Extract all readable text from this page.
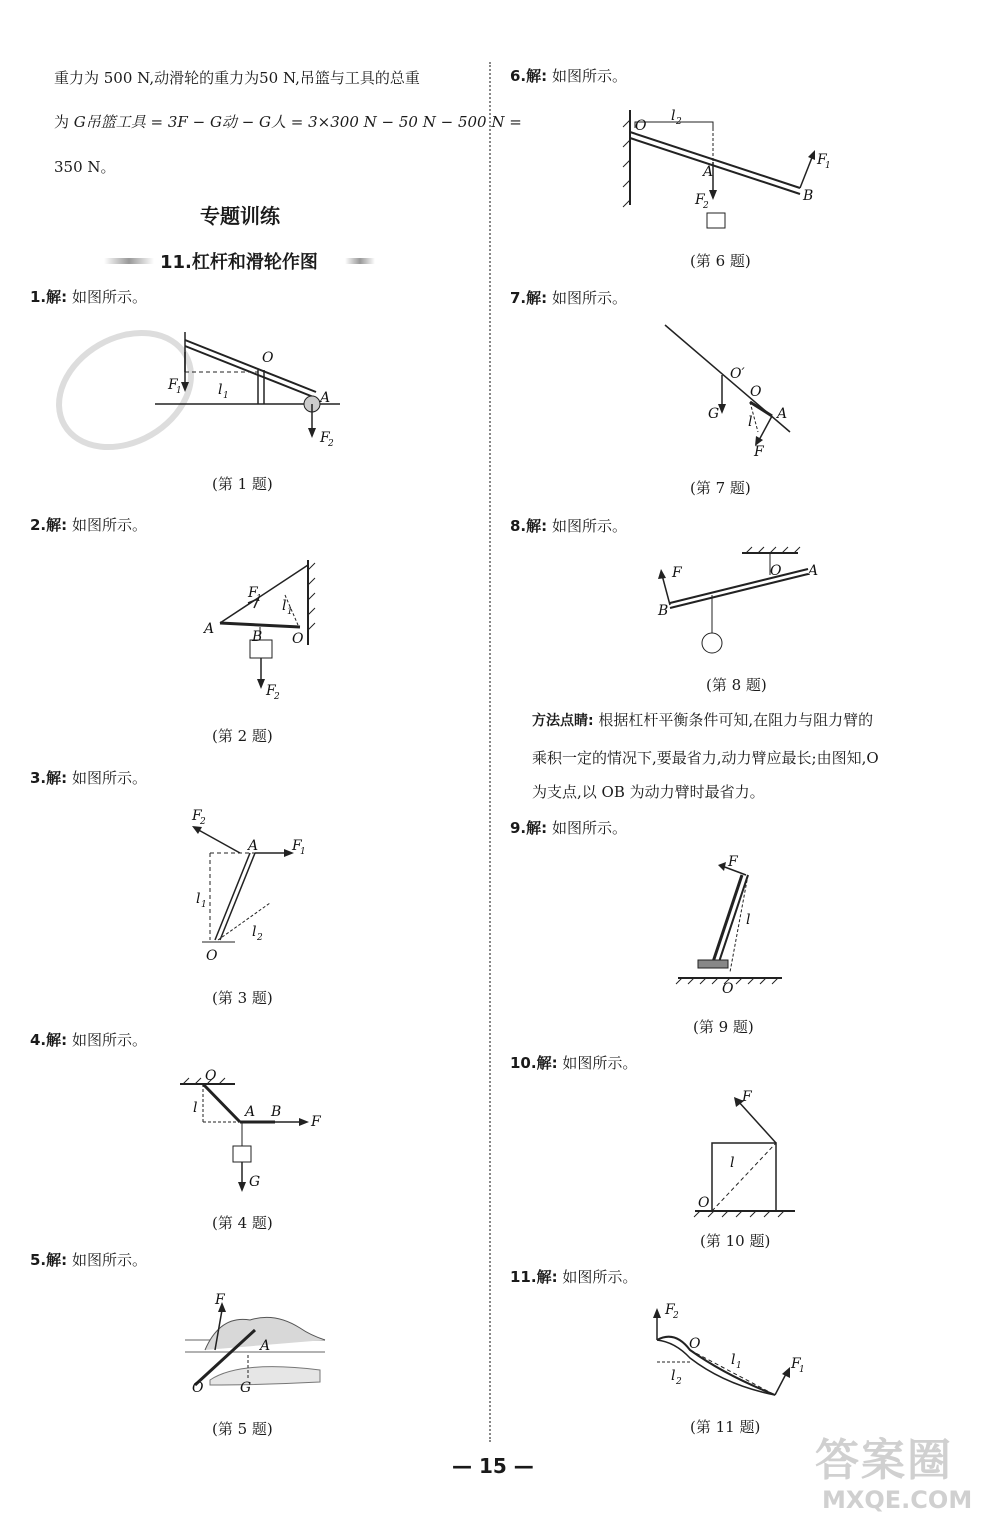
重力为 500 N,动滑轮的重力为50 N,吊篮与工具的总重
为 G吊篮工具 = 3F − G动 − G人 = 3×300 N − 50 N − 500 N =
350 N。
专题训练
11.杠杆和滑轮作图
1.解: 如图所示。
O
A
F
1	l 1
F
2
(第 1 题)
2.解: 如图所示。
A	B O
F
1 l 1
F
2
(第 2 题)
3.解: 如图所示。
F
2
A F
1
l 1
l 2
O
(第 3 题)
4.解: 如图所示。
O
l	A B
F
G
(第 4 题)
5.解: 如图所示。
F
A
O	G
(第 5 题)
6.解: 如图所示。
O
l 2
A
B
F
1
F
2
(第 6 题)
7.解: 如图所示。
O′
O
A
G l
F
(第 7 题)
8.解: 如图所示。
F
B
O A
(第 8 题)
方法点睛: 根据杠杆平衡条件可知,在阻力与阻力臂的
乘积一定的情况下,要最省力,动力臂应最长;由图知,O
为支点,以 OB 为动力臂时最省力。
9.解: 如图所示。
F
l
O
(第 9 题)
10.解: 如图所示。
F
l
O
(第 10 题)
11.解: 如图所示。
F
2
O
l 1
l 2
F
1
(第 11 题)
— 15 —	答案圈
MXQE.COM
